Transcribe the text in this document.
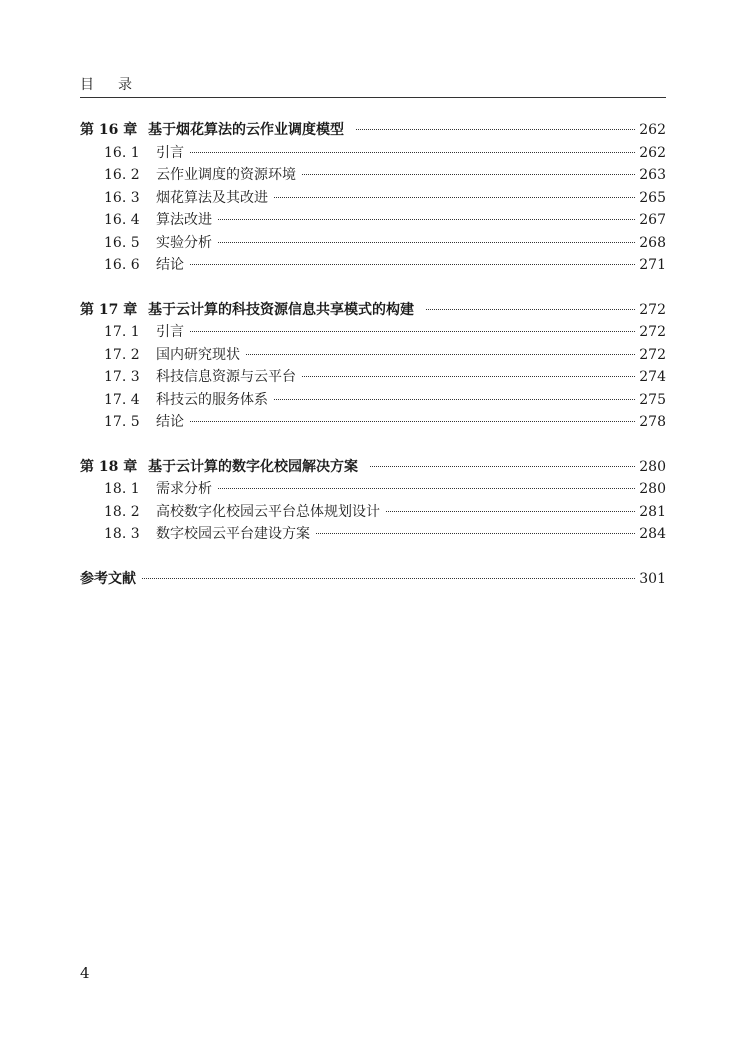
目 录
第 16 章 基于烟花算法的云作业调度模型	262
16. 1	引言	262
16. 2	云作业调度的资源环境	263
16. 3	烟花算法及其改进	265
16. 4	算法改进	267
16. 5	实验分析	268
16. 6	结论	271
第 17 章 基于云计算的科技资源信息共享模式的构建	272
17. 1	引言	272
17. 2	国内研究现状	272
17. 3	科技信息资源与云平台	274
17. 4	科技云的服务体系	275
17. 5	结论	278
第 18 章 基于云计算的数字化校园解决方案	280
18. 1	需求分析	280
18. 2	高校数字化校园云平台总体规划设计	281
18. 3	数字校园云平台建设方案	284
参考文献	301
4
